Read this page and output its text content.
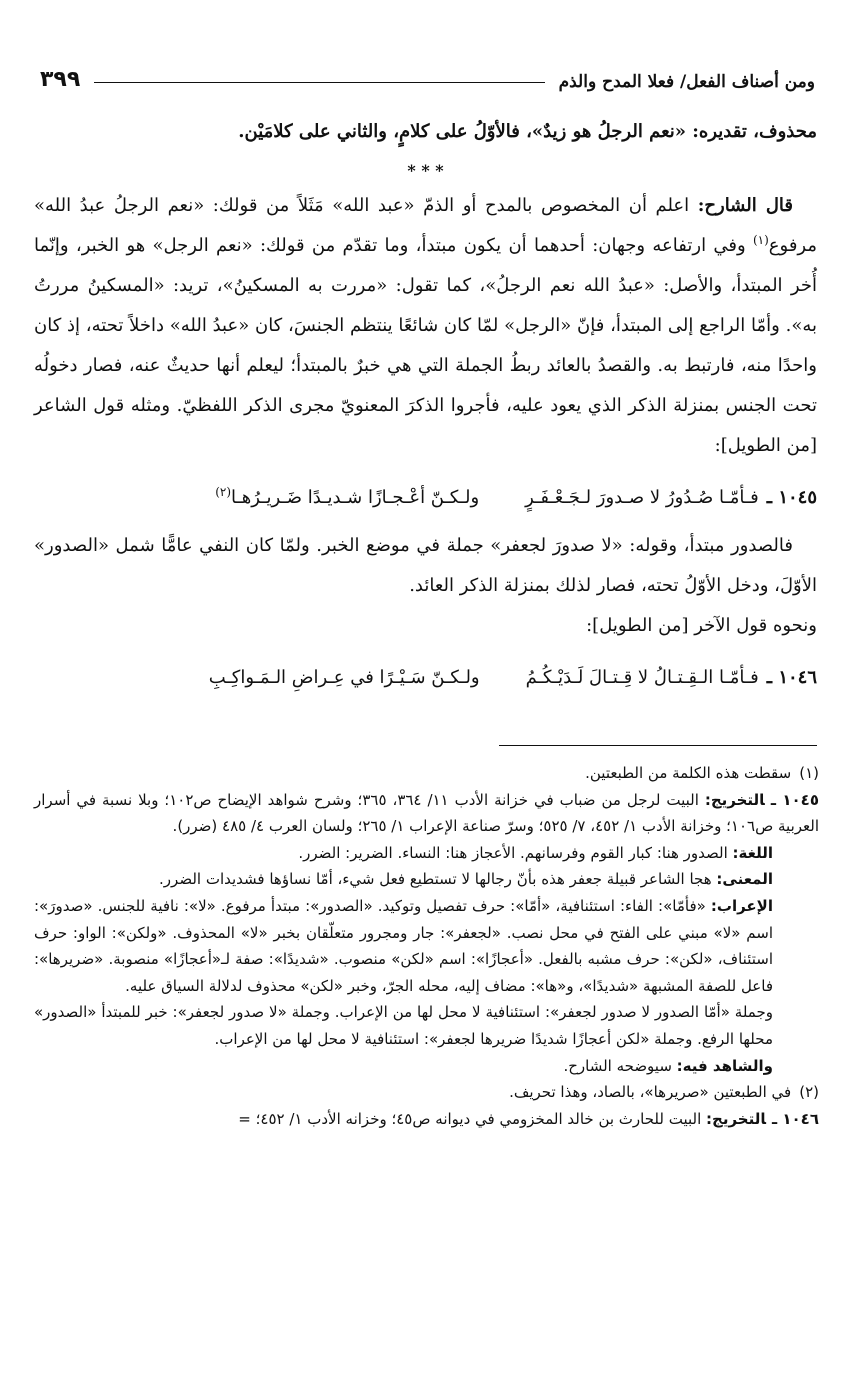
ومن أصناف الفعل/ فعلا المدح والذم
٣٩٩

محذوف، تقديره: «نعم الرجلُ هو زيدٌ»، فالأوّلُ على كلامٍ، والثاني على كلامَيْن.

* * *

قال الشارح: اعلم أن المخصوص بالمدح أو الذمّ «عبد الله» مَثَلاً من قولك: «نعم الرجلُ عبدُ الله» مرفوع$^{(١)}$ وفي ارتفاعه وجهان: أحدهما أن يكون مبتدأ، وما تقدّم من قولك: «نعم الرجل» هو الخبر، وإنّما أُخر المبتدأ، والأصل: «عبدُ الله نعم الرجلُ»، كما تقول: «مررت به المسكينُ»، تريد: «المسكينُ مررتُ به». وأمّا الراجع إلى المبتدأ، فإنّ «الرجل» لمّا كان شائعًا ينتظم الجنسَ، كان «عبدُ الله» داخلاً تحته، إذ كان واحدًا منه، فارتبط به. والقصدُ بالعائد ربطُ الجملة التي هي خبرٌ بالمبتدأ؛ ليعلم أنها حديثٌ عنه، فصار دخولُه تحت الجنس بمنزلة الذكر الذي يعود عليه، فأجروا الذكرَ المعنويّ مجرى الذكر اللفظيّ. ومثله قول الشاعر [من الطويل]:

١٠٤٥ ـ
فـأمّـا صُـدُورُ لا صـدورَ لـجَـعْـفَـرٍ
ولـكـنّ أعْـجـازًا شـديـدًا ضَـريـرُهـا$^{(٢)}$

فالصدور مبتدأ، وقوله: «لا صدورَ لجعفر» جملة في موضع الخبر. ولمّا كان النفي عامًّا شمل «الصدور» الأوّلَ، ودخل الأوّلُ تحته، فصار لذلك بمنزلة الذكر العائد.

ونحوه قول الآخر [من الطويل]:

١٠٤٦ ـ
فـأمّـا الـقِـتـالُ لا قِـتـالَ لَـدَيْـكُـمُ
ولـكـنّ سَـيْـرًا في عِـراضِ الـمَـواكِـبِ

(١)سقطت هذه الكلمة من الطبعتين.

١٠٤٥ ـالتخريج: البيت لرجل من ضباب في خزانة الأدب ١١/ ٣٦٤، ٣٦٥؛ وشرح شواهد الإيضاح ص١٠٢؛ وبلا نسبة في أسرار العربية ص١٠٦؛ وخزانة الأدب ١/ ٤٥٢، ٧/ ٥٢٥؛ وسرّ صناعة الإعراب ١/ ٢٦٥؛ ولسان العرب ٤/ ٤٨٥ (ضرر).

اللغة: الصدور هنا: كبار القوم وفرسانهم. الأعجاز هنا: النساء. الضرير: الضرر.

المعنى: هجا الشاعر قبيلة جعفر هذه بأنّ رجالها لا تستطيع فعل شيء، أمّا نساؤها فشديدات الضرر.

الإعراب: «فأمّا»: الفاء: استئنافية، «أمّا»: حرف تفصيل وتوكيد. «الصدور»: مبتدأ مرفوع. «لا»: نافية للجنس. «صدورَ»: اسم «لا» مبني على الفتح في محل نصب. «لجعفر»: جار ومجرور متعلّقان بخبر «لا» المحذوف. «ولكن»: الواو: حرف استئناف، «لكن»: حرف مشبه بالفعل. «أعجازًا»: اسم «لكن» منصوب. «شديدًا»: صفة لـ«أعجازًا» منصوبة. «ضريرها»: فاعل للصفة المشبهة «شديدًا»، و«ها»: مضاف إليه، محله الجرّ، وخبر «لكن» محذوف لدلالة السياق عليه.

وجملة «أمّا الصدور لا صدور لجعفر»: استئنافية لا محل لها من الإعراب. وجملة «لا صدور لجعفر»: خبر للمبتدأ «الصدور» محلها الرفع. وجملة «لكن أعجازًا شديدًا ضريرها لجعفر»: استئنافية لا محل لها من الإعراب.

والشاهد فيه: سيوضحه الشارح.

(٢)في الطبعتين «صريرها»، بالصاد، وهذا تحريف.

١٠٤٦ ـالتخريج: البيت للحارث بن خالد المخزومي في ديوانه ص٤٥؛ وخزانه الأدب ١/ ٤٥٢؛ =
